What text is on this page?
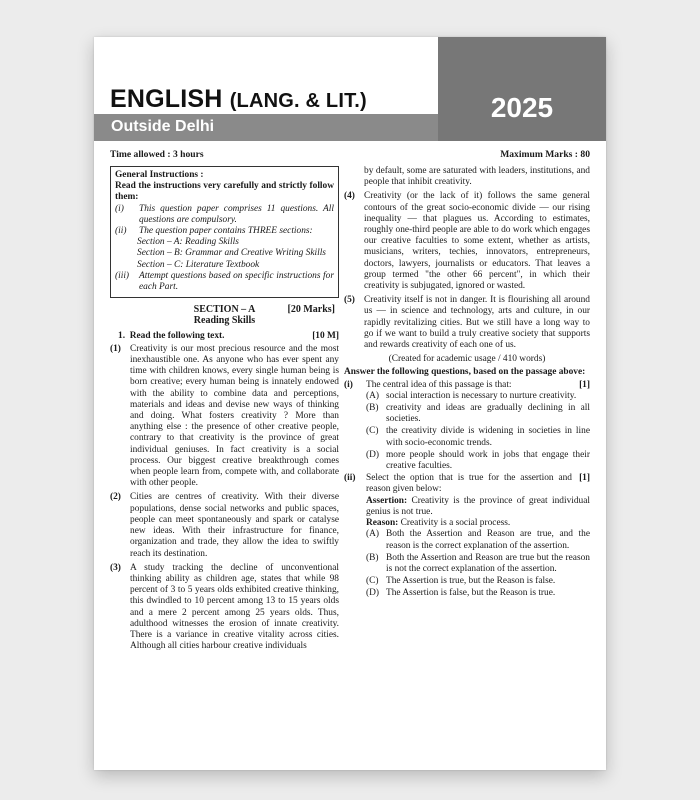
2025
ENGLISH (LANG. & LIT.)
Outside Delhi
Time allowed : 3 hours	Maximum Marks : 80
General Instructions :
Read the instructions very carefully and strictly follow them:
(i)	This question paper comprises 11 questions. All questions are compulsory.
(ii)	The question paper contains THREE sections:
Section – A: Reading Skills
Section – B: Grammar and Creative Writing Skills
Section – C: Literature Textbook
(iii)	Attempt questions based on specific instructions for each Part.
SECTION – A	[20 Marks]
Reading Skills
1. Read the following text.	[10 M]
(1) Creativity is our most precious resource and the most inexhaustible one. As anyone who has ever spent any time with children knows, every single human being is born creative; every human being is innately endowed with the ability to combine data and perceptions, materials and ideas and devise new ways of thinking and doing. What fosters creativity ? More than anything else : the presence of other creative people, contrary to that creativity is the province of great individual geniuses. In fact creativity is a social process. Our biggest creative breakthrough comes when people learn from, compete with, and collaborate with other people.
(2) Cities are centres of creativity. With their diverse populations, dense social networks and public spaces, people can meet spontaneously and spark or catalyse new ideas. With their infrastructure for finance, organization and trade, they allow the idea to swiftly reach its destination.
(3) A study tracking the decline of unconventional thinking ability as children age, states that while 98 percent of 3 to 5 years olds exhibited creative thinking, this dwindled to 10 percent among 13 to 15 years olds and a mere 2 percent among 25 years olds. Thus, adulthood witnesses the erosion of innate creativity. There is a variance in creative vitality across cities. Although all cities harbour creative individuals
by default, some are saturated with leaders, institutions, and people that inhibit creativity.
(4) Creativity (or the lack of it) follows the same general contours of the great socio-economic divide — our rising inequality — that plagues us. According to estimates, roughly one-third people are able to do work which engages our creative faculties to some extent, whether as artists, musicians, writers, techies, innovators, entrepreneurs, doctors, lawyers, journalists or educators. That leaves a group termed "the other 66 percent", in which their creativity is subjugated, ignored or wasted.
(5) Creativity itself is not in danger. It is flourishing all around us — in science and technology, arts and culture, in our rapidly revitalizing cities. But we still have a long way to go if we want to build a truly creative society that supports and rewards creativity of each one of us.
(Created for academic usage / 410 words)
Answer the following questions, based on the passage above:
(i)	The central idea of this passage is that:	[1]
(A) social interaction is necessary to nurture creativity.
(B) creativity and ideas are gradually declining in all societies.
(C) the creativity divide is widening in societies in line with socio-economic trends.
(D) more people should work in jobs that engage their creative faculties.
(ii)	Select the option that is true for the assertion and reason given below:
[1]
Assertion: Creativity is the province of great individual genius is not true.
Reason: Creativity is a social process.
(A) Both the Assertion and Reason are true, and the reason is the correct explanation of the assertion.
(B) Both the Assertion and Reason are true but the reason is not the correct explanation of the assertion.
(C) The Assertion is true, but the Reason is false.
(D) The Assertion is false, but the Reason is true.
